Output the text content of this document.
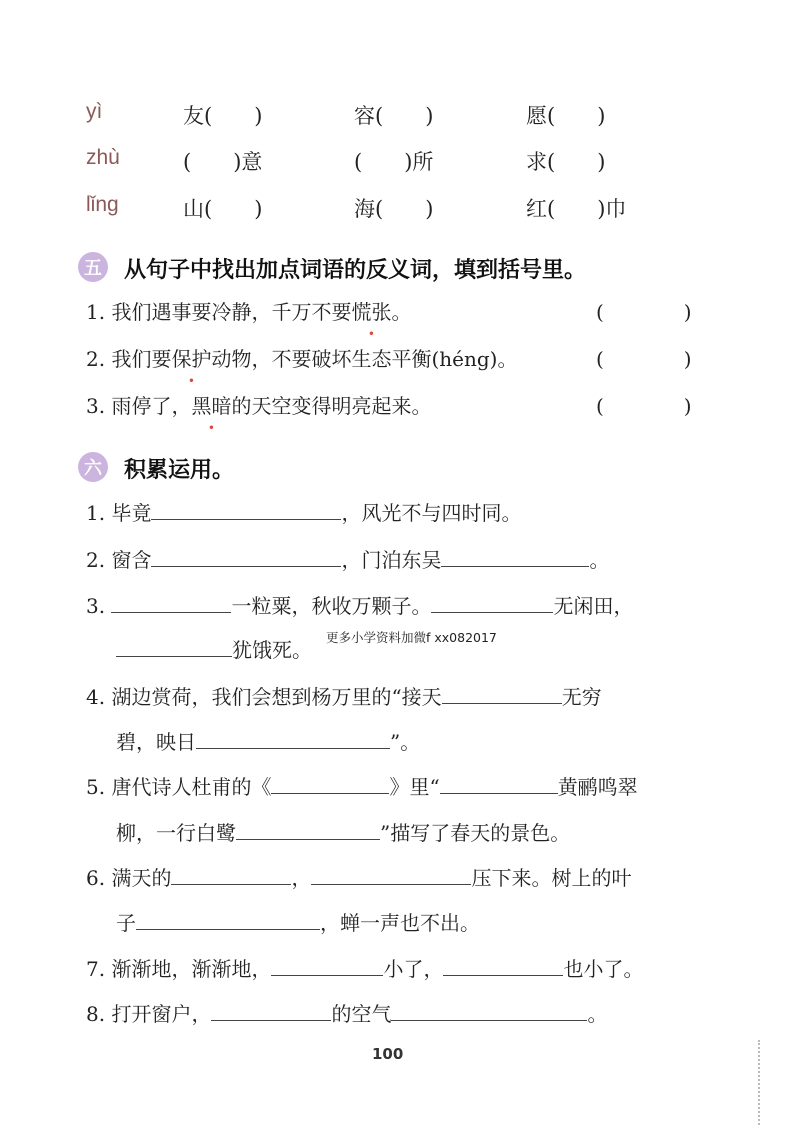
yì	友(　　)	容(　　)	愿(　　)
zhù	(　　)意	(　　)所	求(　　)
lǐng	山(　　)	海(　　)	红(　　)巾
五 从句子中找出加点词语的反义词，填到括号里。
1. 我们遇事要冷静，千万不要慌张。	(　　　　)
2. 我们要保护动物，不要破坏生态平衡(héng)。	(　　　　)
3. 雨停了，黑暗的天空变得明亮起来。	(　　　　)
六 积累运用。
1. 毕竟	，风光不与四时同。
2. 窗含	，门泊东吴	。
3.	一粒粟，秋收万颗子。	无闲田，
犹饿死。
更多小学资料加微f xx082017
4. 湖边赏荷，我们会想到杨万里的“接天	无穷
碧，映日	”。
5. 唐代诗人杜甫的《	》里“	黄鹂鸣翠
柳，一行白鹭	”描写了春天的景色。
6. 满天的	，	压下来。树上的叶
子	，蝉一声也不出。
7. 渐渐地，渐渐地，	小了，	也小了。
8. 打开窗户，	的空气	。
100
